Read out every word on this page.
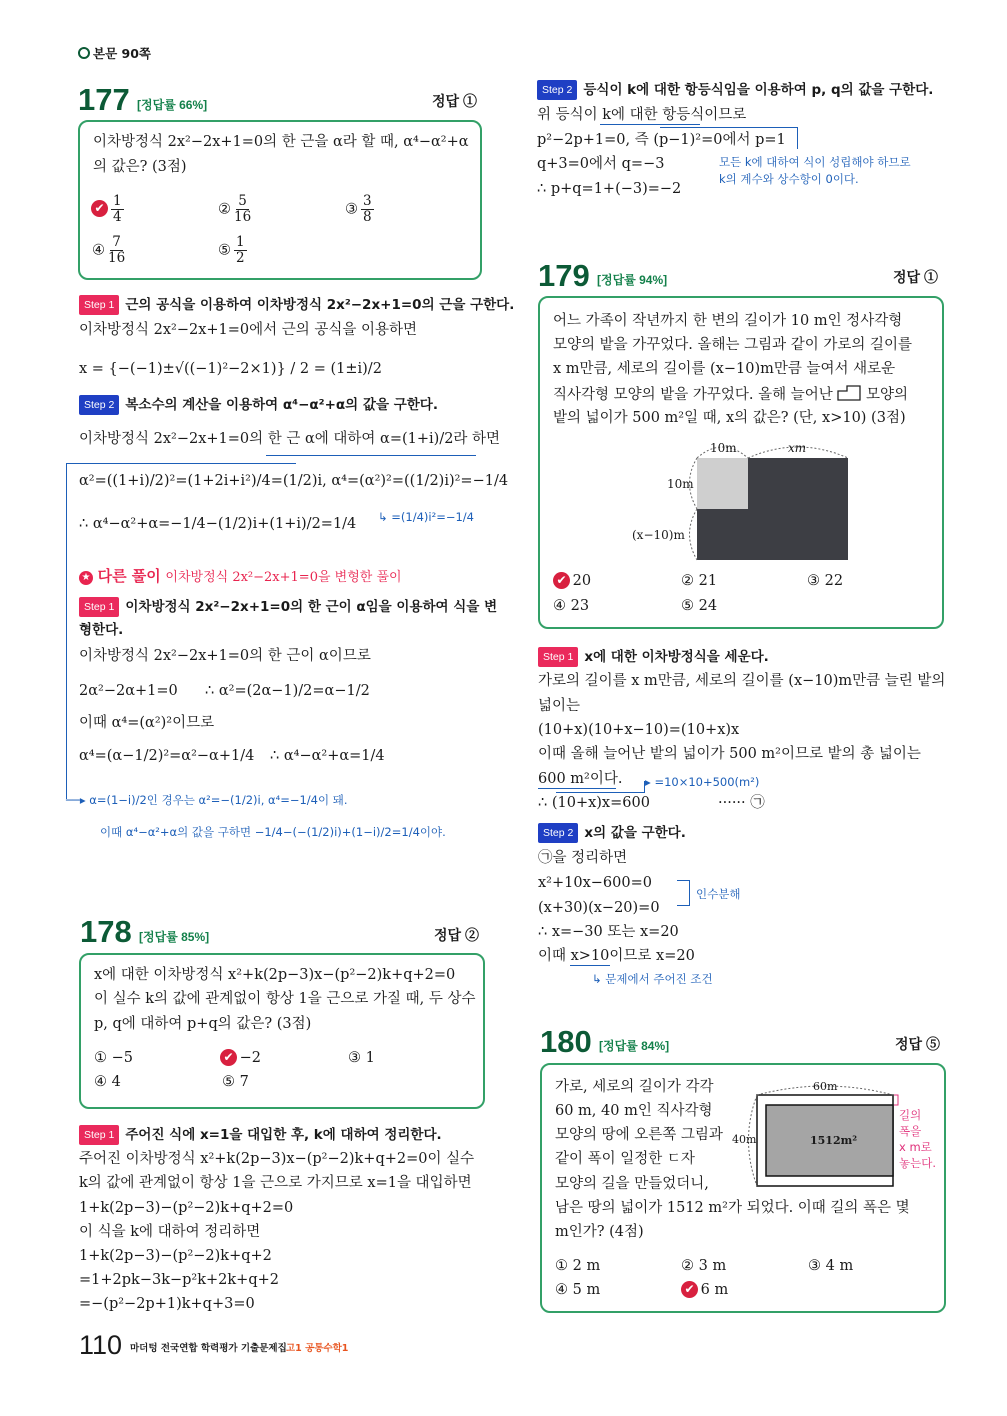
본문 90쪽
177 [정답률 66%]	정답 ①
이차방정식 2x²−2x+1=0의 한 근을 α라 할 때, α⁴−α²+α
의 값은? (3점)
✔ $\frac{1}{4}$	② $\frac{5}{16}$	③ $\frac{3}{8}$
④ $\frac{7}{16}$	⑤ $\frac{1}{2}$
Step 1 근의 공식을 이용하여 이차방정식 2x²−2x+1=0의 근을 구한다.
이차방정식 2x²−2x+1=0에서 근의 공식을 이용하면
x = {−(−1)±√((−1)²−2×1)} / 2 = (1±i)/2
Step 2 복소수의 계산을 이용하여 α⁴−α²+α의 값을 구한다.
이차방정식 2x²−2x+1=0의 한 근 α에 대하여 α=(1+i)/2라 하면
α²=((1+i)/2)²=(1+2i+i²)/4=(1/2)i, α⁴=(α²)²=((1/2)i)²=−1/4
∴ α⁴−α²+α=−1/4−(1/2)i+(1+i)/2=1/4 ↳ =(1/4)i²=−1/4
★ 다른 풀이 이차방정식 2x²−2x+1=0을 변형한 풀이
Step 1 이차방정식 2x²−2x+1=0의 한 근이 α임을 이용하여 식을 변
형한다.
이차방정식 2x²−2x+1=0의 한 근이 α이므로
2α²−2α+1=0 ∴ α²=(2α−1)/2=α−1/2
이때 α⁴=(α²)²이므로
α⁴=(α−1/2)²=α²−α+1/4 ∴ α⁴−α²+α=1/4
──▸ α=(1−i)/2인 경우는 α²=−(1/2)i, α⁴=−1/4이 돼.
이때 α⁴−α²+α의 값을 구하면 −1/4−(−(1/2)i)+(1−i)/2=1/4이야.
178 [정답률 85%]	정답 ②
x에 대한 이차방정식 x²+k(2p−3)x−(p²−2)k+q+2=0
이 실수 k의 값에 관계없이 항상 1을 근으로 가질 때, 두 상수
p, q에 대하여 p+q의 값은? (3점)
① −5	✔ −2	③ 1
④ 4	⑤ 7
Step 1 주어진 식에 x=1을 대입한 후, k에 대하여 정리한다.
주어진 이차방정식 x²+k(2p−3)x−(p²−2)k+q+2=0이 실수
k의 값에 관계없이 항상 1을 근으로 가지므로 x=1을 대입하면
1+k(2p−3)−(p²−2)k+q+2=0
이 식을 k에 대하여 정리하면
1+k(2p−3)−(p²−2)k+q+2
=1+2pk−3k−p²k+2k+q+2
=−(p²−2p+1)k+q+3=0
Step 2 등식이 k에 대한 항등식임을 이용하여 p, q의 값을 구한다.
위 등식이 k에 대한 항등식이므로
p²−2p+1=0, 즉 (p−1)²=0에서 p=1
q+3=0에서 q=−3
∴ p+q=1+(−3)=−2
모든 k에 대하여 식이 성립해야 하므로
k의 계수와 상수항이 0이다.
179 [정답률 94%]	정답 ①
어느 가족이 작년까지 한 변의 길이가 10 m인 정사각형
모양의 밭을 가꾸었다. 올해는 그림과 같이 가로의 길이를
x m만큼, 세로의 길이를 (x−10)m만큼 늘여서 새로운
직사각형 모양의 밭을 가꾸었다. 올해 늘어난 모양의
밭의 넓이가 500 m²일 때, x의 값은? (단, x>10) (3점)
10m	xm
10m
(x−10)m
✔ 20	② 21	③ 22
④ 23	⑤ 24
Step 1 x에 대한 이차방정식을 세운다.
가로의 길이를 x m만큼, 세로의 길이를 (x−10)m만큼 늘린 밭의
넓이는
(10+x)(10+x−10)=(10+x)x
이때 올해 늘어난 밭의 넓이가 500 m²이므로 밭의 총 넓이는
600 m²이다. ▸ =10×10+500(m²)
∴ (10+x)x=600	······ ㉠
Step 2 x의 값을 구한다.
㉠을 정리하면
x²+10x−600=0
(x+30)(x−20)=0
인수분해
∴ x=−30 또는 x=20
이때 x>10이므로 x=20
↳ 문제에서 주어진 조건
180 [정답률 84%]	정답 ⑤
가로, 세로의 길이가 각각
60 m, 40 m인 직사각형
모양의 땅에 오른쪽 그림과
같이 폭이 일정한 ㄷ자
모양의 길을 만들었더니,
남은 땅의 넓이가 1512 m²가 되었다. 이때 길의 폭은 몇
m인가? (4점)
60m
40m	1512m²
길의
폭을
x m로
놓는다.
① 2 m	② 3 m	③ 4 m
④ 5 m	✔ 6 m
110 마더텅 전국연합 학력평가 기출문제집 고1 공통수학1
